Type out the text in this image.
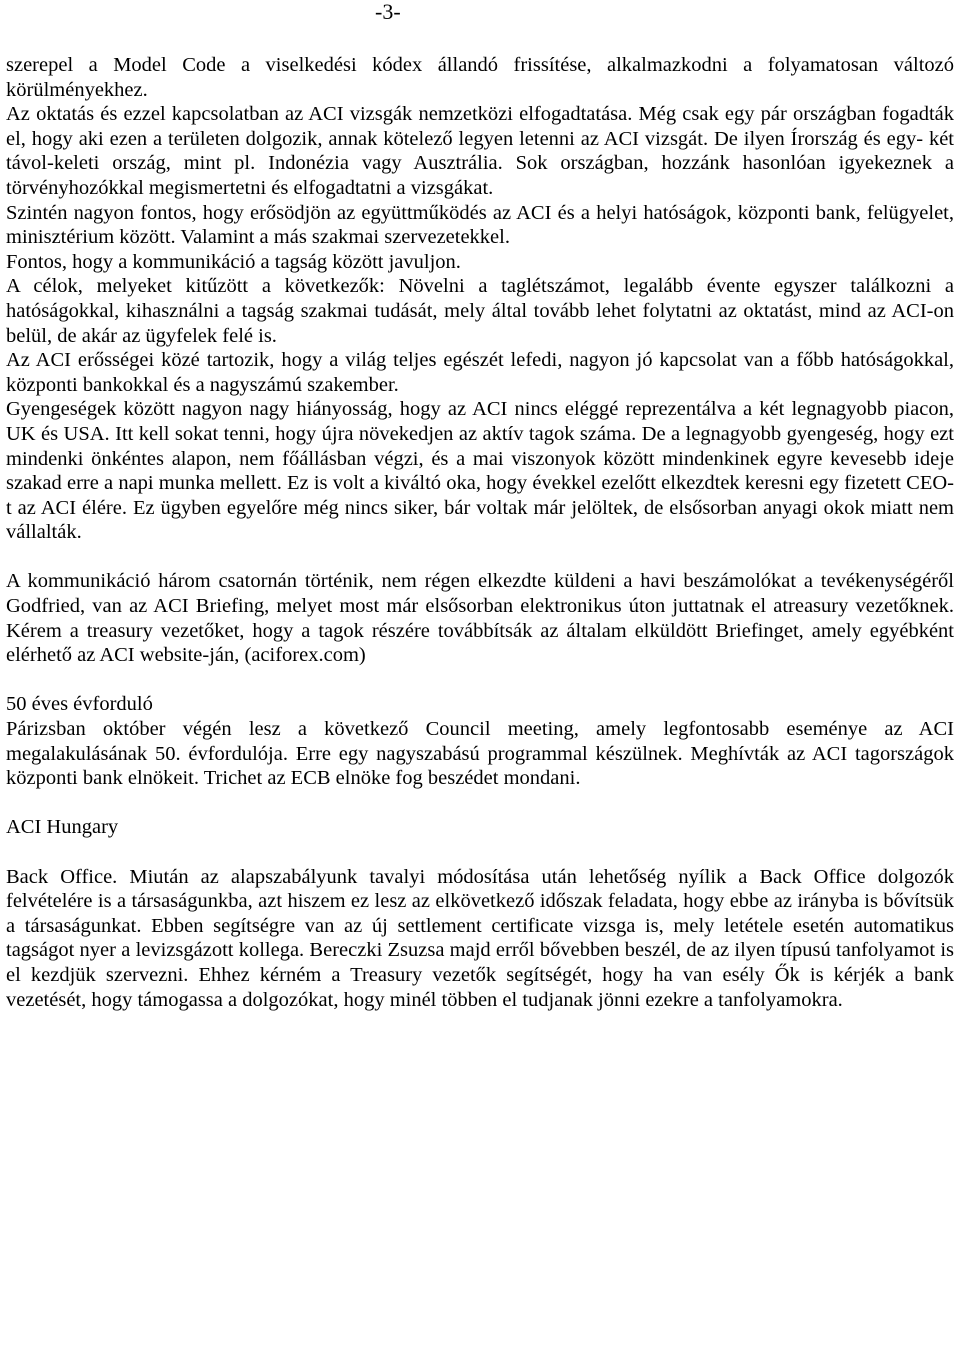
-3-

szerepel a Model Code a viselkedési kódex állandó frissítése, alkalmazkodni a folyamatosan változó körülményekhez.

Az oktatás és ezzel kapcsolatban az ACI vizsgák nemzetközi elfogadtatása. Még csak egy pár országban fogadták el, hogy aki ezen a területen dolgozik, annak kötelező legyen letenni az ACI vizsgát. De ilyen Írország és egy- két távol-keleti ország, mint pl. Indonézia vagy Ausztrália. Sok országban, hozzánk hasonlóan igyekeznek a törvényhozókkal megismertetni és elfogadtatni a vizsgákat.

Szintén nagyon fontos, hogy erősödjön az együttműködés az ACI és a helyi hatóságok, központi bank, felügyelet, minisztérium között. Valamint a más szakmai szervezetekkel.

Fontos, hogy a kommunikáció a tagság között javuljon.

A célok, melyeket kitűzött a következők: Növelni a taglétszámot, legalább évente egyszer találkozni a hatóságokkal, kihasználni a tagság szakmai tudását, mely által tovább lehet folytatni az oktatást, mind az ACI-on belül, de akár az ügyfelek felé is.

Az ACI erősségei közé tartozik, hogy a világ teljes egészét lefedi, nagyon jó kapcsolat van a főbb hatóságokkal, központi bankokkal és a nagyszámú szakember.

Gyengeségek között nagyon nagy hiányosság, hogy az ACI nincs eléggé reprezentálva a két legnagyobb piacon, UK és USA. Itt kell sokat tenni, hogy újra növekedjen az aktív tagok száma. De a legnagyobb gyengeség, hogy ezt mindenki önkéntes alapon, nem főállásban végzi, és a mai viszonyok között mindenkinek egyre kevesebb ideje szakad erre a napi munka mellett. Ez is volt a kiváltó oka, hogy évekkel ezelőtt elkezdtek keresni egy fizetett CEO-t az ACI élére. Ez ügyben egyelőre még nincs siker, bár voltak már jelöltek, de elsősorban anyagi okok miatt nem vállalták.

A kommunikáció három csatornán történik, nem régen elkezdte küldeni a havi beszámolókat a tevékenységéről Godfried, van az ACI Briefing, melyet most már elsősorban elektronikus úton juttatnak el atreasury vezetőknek. Kérem a treasury vezetőket, hogy a tagok részére továbbítsák az általam elküldött Briefinget, amely egyébként elérhető az ACI website-ján, (aciforex.com)

50 éves évforduló

Párizsban október végén lesz a következő Council meeting, amely legfontosabb eseménye az ACI megalakulásának 50. évfordulója. Erre egy nagyszabású programmal készülnek. Meghívták az ACI tagországok központi bank elnökeit. Trichet az ECB elnöke fog beszédet mondani.

ACI Hungary

Back Office. Miután az alapszabályunk tavalyi módosítása után lehetőség nyílik a Back Office dolgozók felvételére is a társaságunkba, azt hiszem ez lesz az elkövetkező időszak feladata, hogy ebbe az irányba is bővítsük a társaságunkat. Ebben segítségre van az új settlement certificate vizsga is, mely letétele esetén automatikus tagságot nyer a levizsgázott kollega. Bereczki Zsuzsa majd erről bővebben beszél, de az ilyen típusú tanfolyamot is el kezdjük szervezni. Ehhez kérném a Treasury vezetők segítségét, hogy ha van esély Ők is kérjék a bank vezetését, hogy támogassa a dolgozókat, hogy minél többen el tudjanak jönni ezekre a tanfolyamokra.
